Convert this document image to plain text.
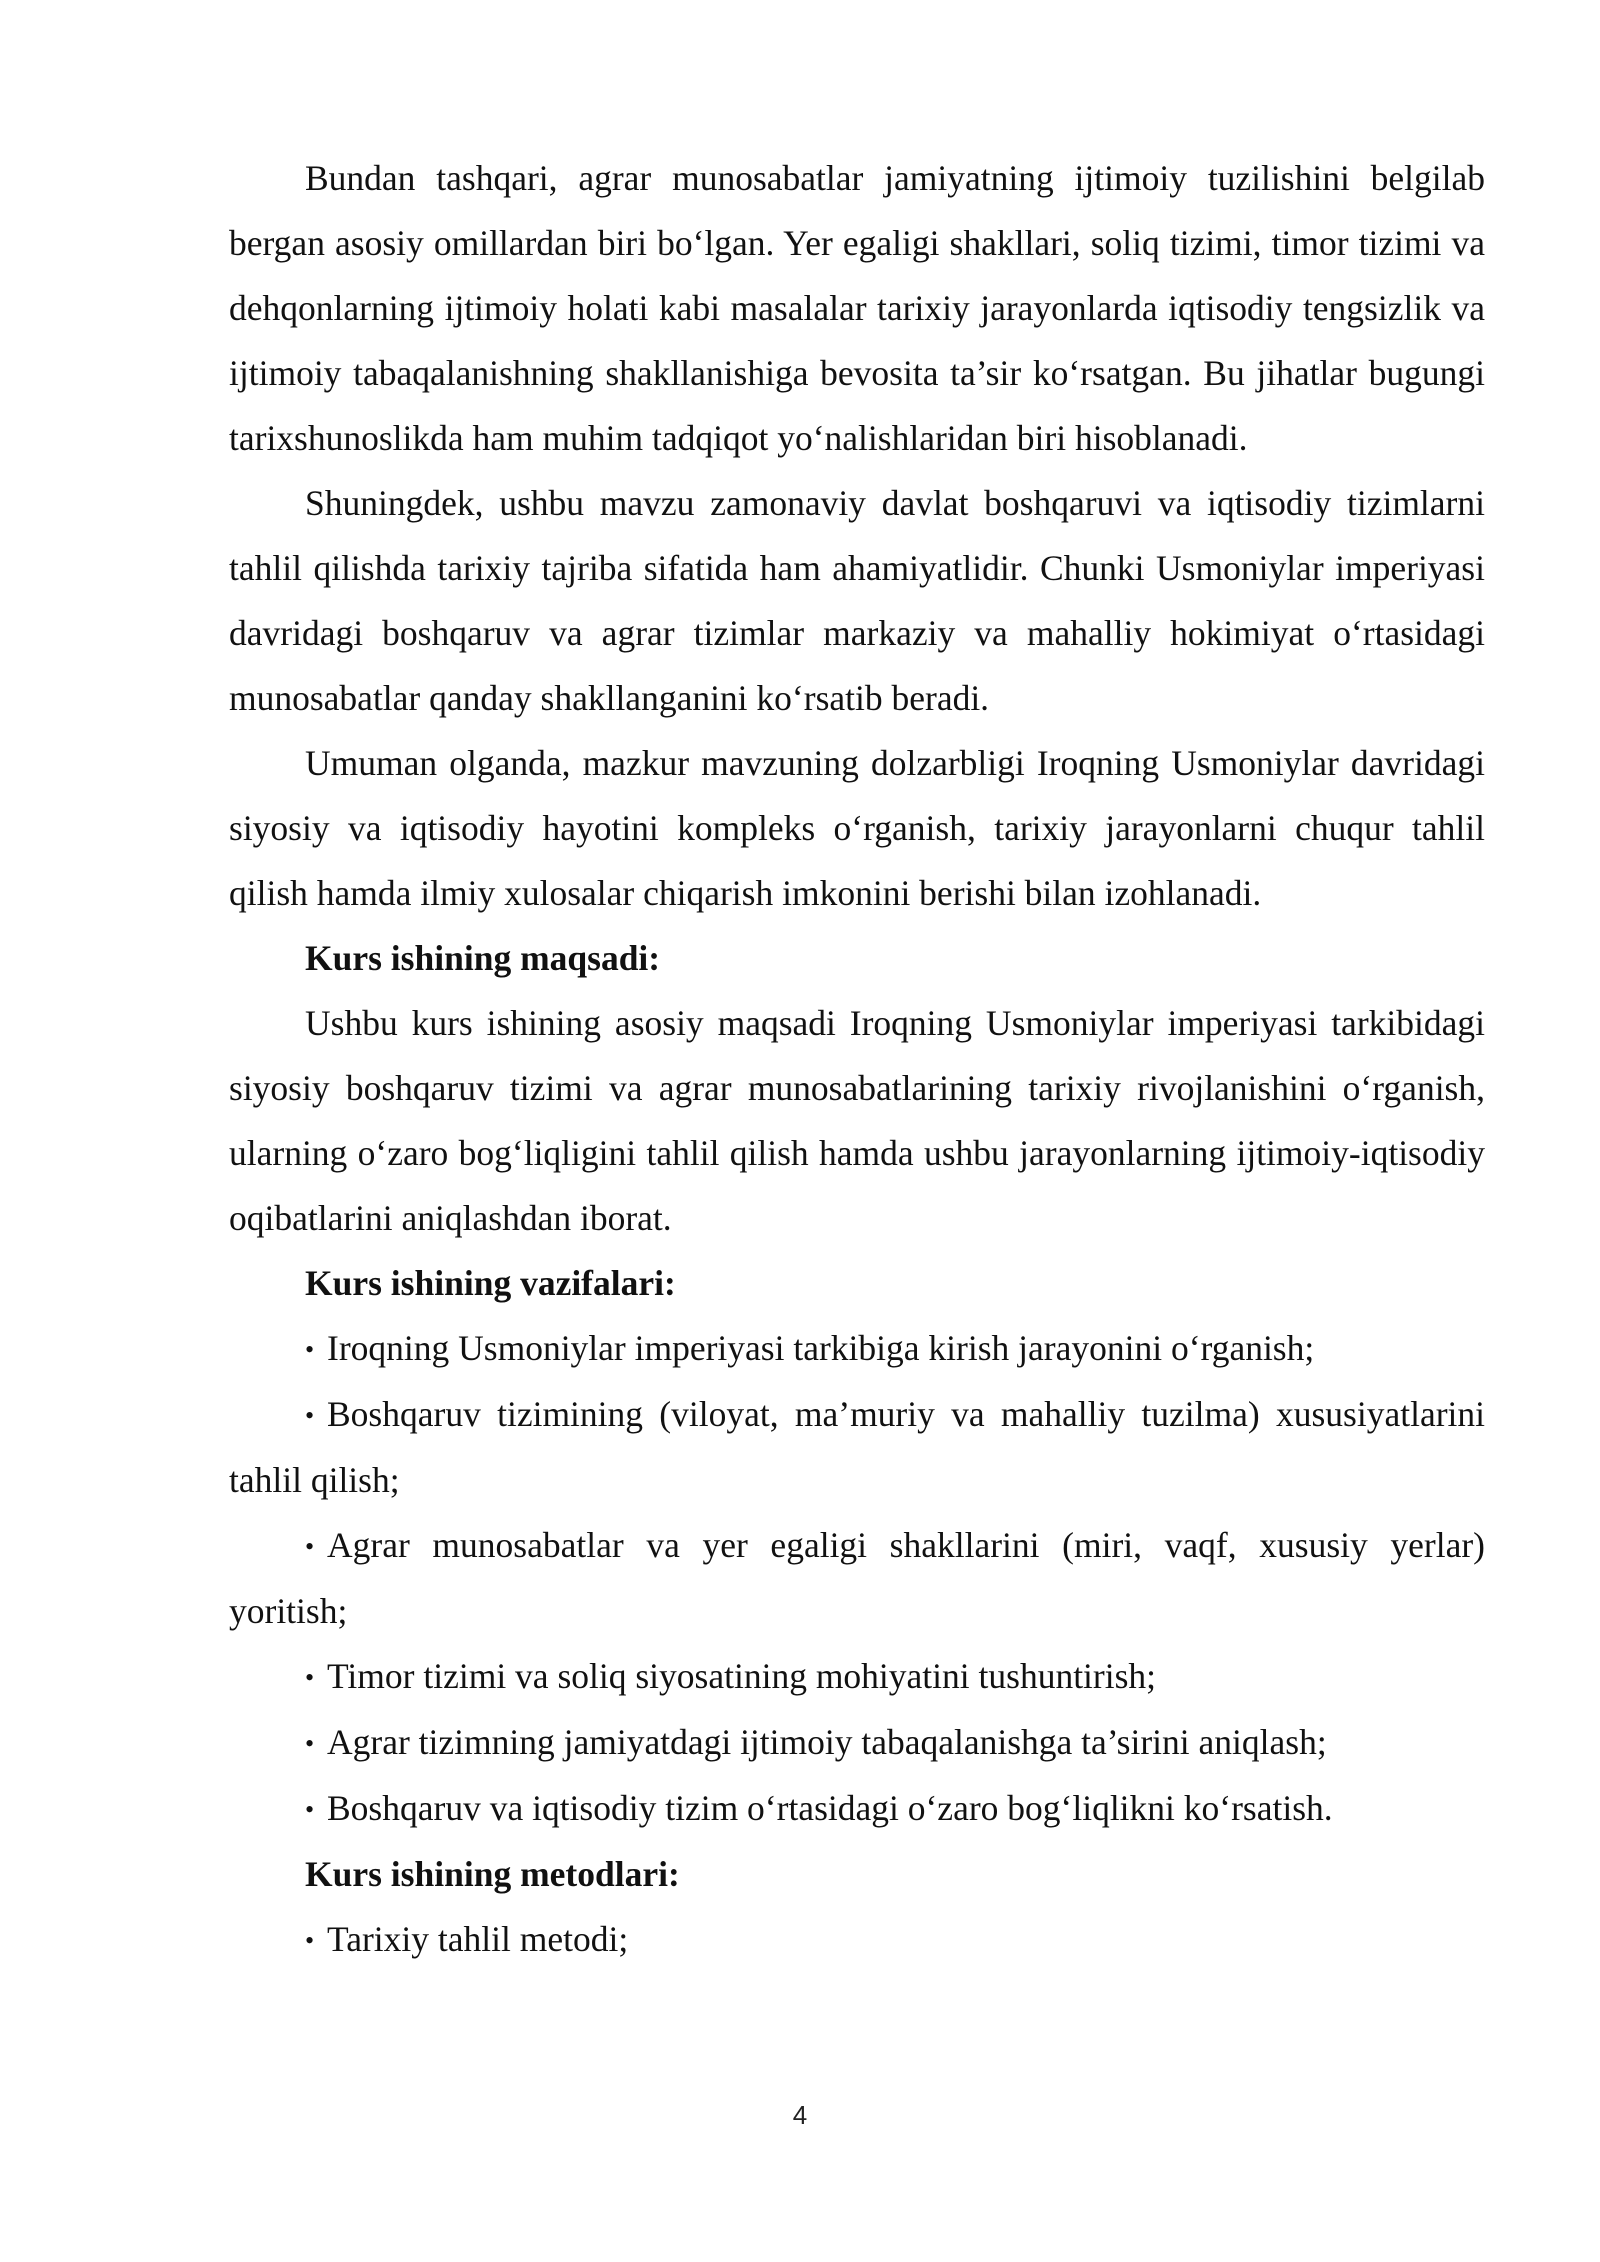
Bundan tashqari, agrar munosabatlar jamiyatning ijtimoiy tuzilishini belgilab bergan asosiy omillardan biri bo‘lgan. Yer egaligi shakllari, soliq tizimi, timor tizimi va dehqonlarning ijtimoiy holati kabi masalalar tarixiy jarayonlarda iqtisodiy tengsizlik va ijtimoiy tabaqalanishning shakllanishiga bevosita ta’sir ko‘rsatgan. Bu jihatlar bugungi tarixshunoslikda ham muhim tadqiqot yo‘nalishlaridan biri hisoblanadi.

Shuningdek, ushbu mavzu zamonaviy davlat boshqaruvi va iqtisodiy tizimlarni tahlil qilishda tarixiy tajriba sifatida ham ahamiyatlidir. Chunki Usmoniylar imperiyasi davridagi boshqaruv va agrar tizimlar markaziy va mahalliy hokimiyat o‘rtasidagi munosabatlar qanday shakllanganini ko‘rsatib beradi.

Umuman olganda, mazkur mavzuning dolzarbligi Iroqning Usmoniylar davridagi siyosiy va iqtisodiy hayotini kompleks o‘rganish, tarixiy jarayonlarni chuqur tahlil qilish hamda ilmiy xulosalar chiqarish imkonini berishi bilan izohlanadi.

Kurs ishining maqsadi:

Ushbu kurs ishining asosiy maqsadi Iroqning Usmoniylar imperiyasi tarkibidagi siyosiy boshqaruv tizimi va agrar munosabatlarining tarixiy rivojlanishini o‘rganish, ularning o‘zaro bog‘liqligini tahlil qilish hamda ushbu jarayonlarning ijtimoiy-iqtisodiy oqibatlarini aniqlashdan iborat.

Kurs ishining vazifalari:

• Iroqning Usmoniylar imperiyasi tarkibiga kirish jarayonini o‘rganish;

• Boshqaruv tizimining (viloyat, ma’muriy va mahalliy tuzilma) xususiyatlarini tahlil qilish;

• Agrar munosabatlar va yer egaligi shakllarini (miri, vaqf, xususiy yerlar) yoritish;

• Timor tizimi va soliq siyosatining mohiyatini tushuntirish;

• Agrar tizimning jamiyatdagi ijtimoiy tabaqalanishga ta’sirini aniqlash;

• Boshqaruv va iqtisodiy tizim o‘rtasidagi o‘zaro bog‘liqlikni ko‘rsatish.

Kurs ishining metodlari:

• Tarixiy tahlil metodi;

4
